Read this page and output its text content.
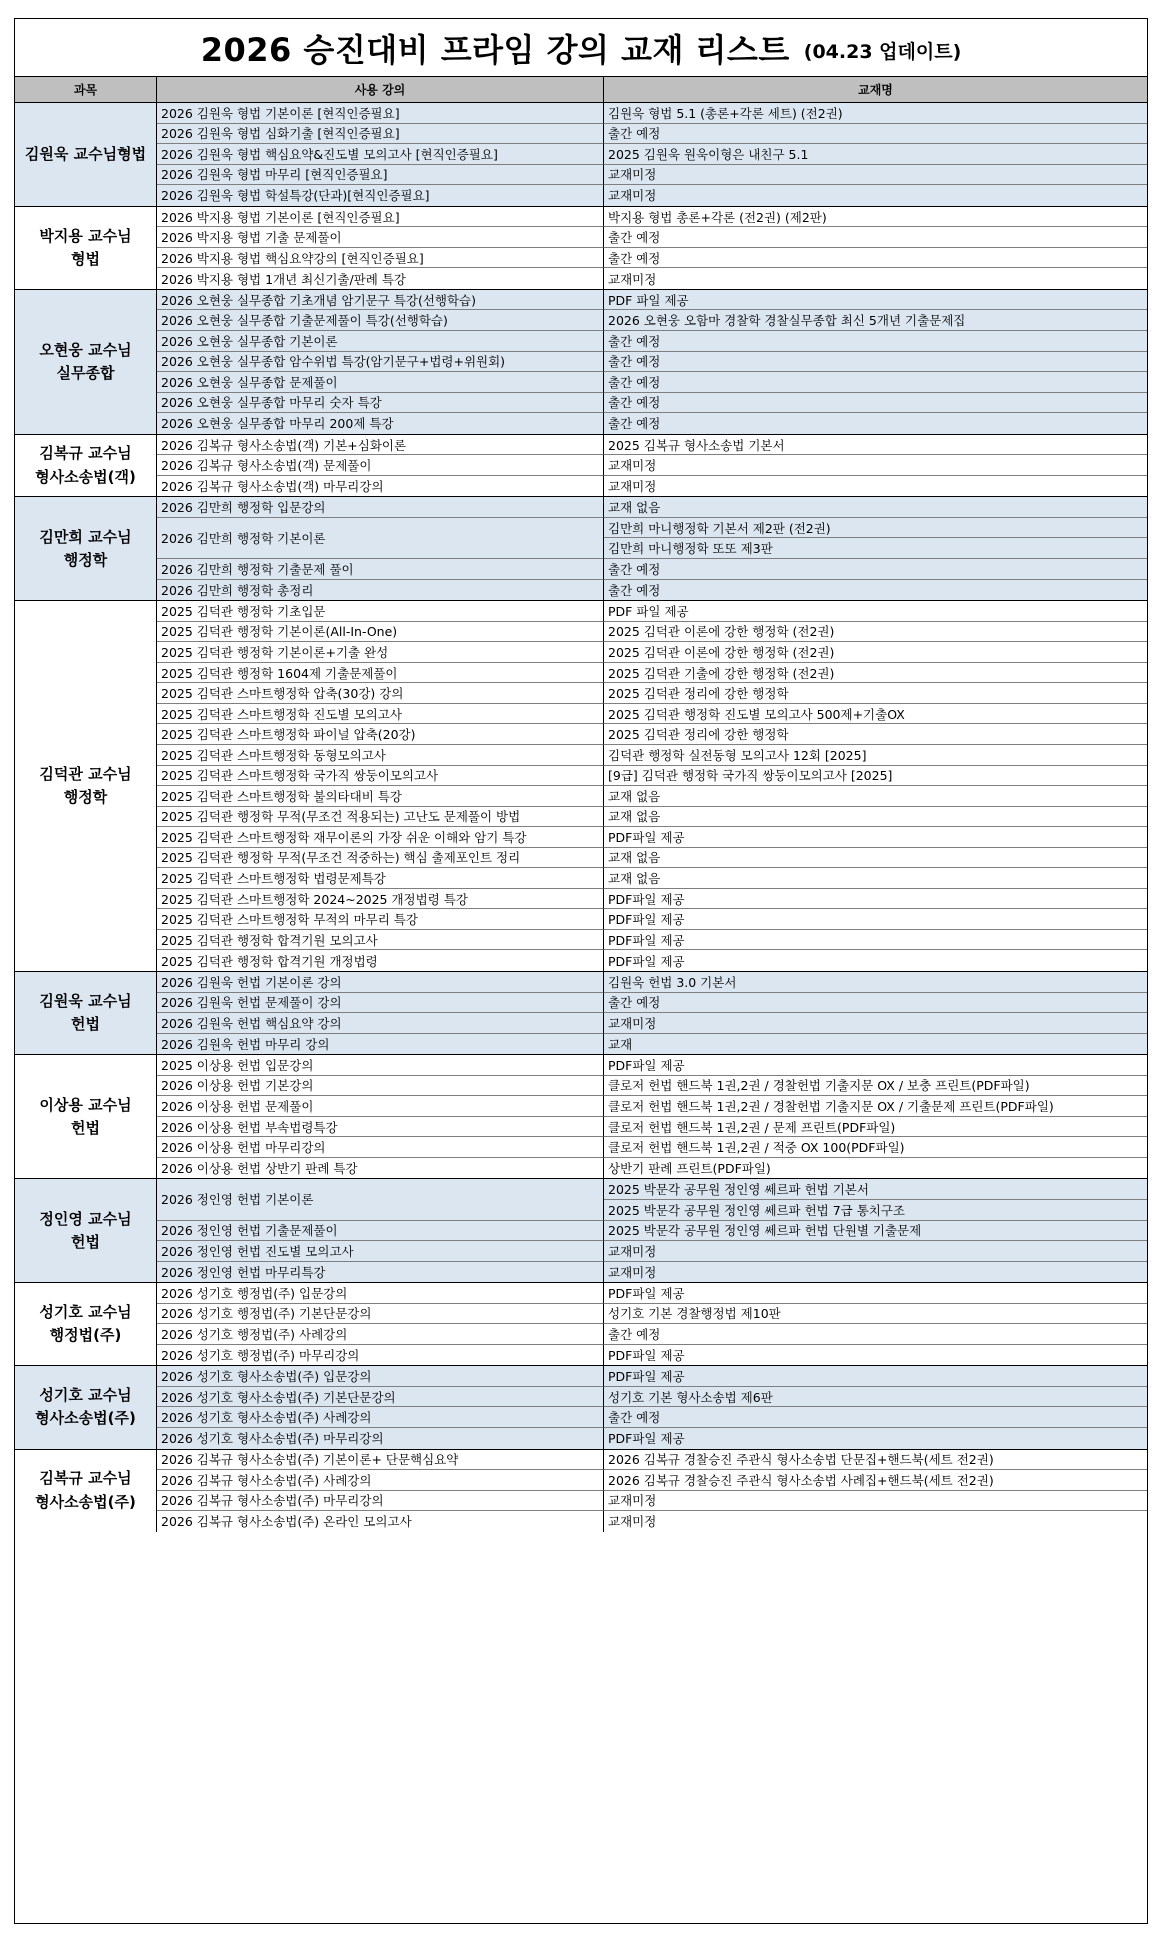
2026 승진대비 프라임 강의 교재 리스트 (04.23 업데이트)
과목	사용 강의	교재명
김원욱 교수님형법
2026 김원욱 형법 기본이론 [현직인증필요]	김원욱 형법 5.1 (총론+각론 세트) (전2권)
2026 김원욱 형법 심화기출 [현직인증필요]	출간 예정
2026 김원욱 형법 핵심요약&진도별 모의고사 [현직인증필요]	2025 김원욱 원욱이형은 내친구 5.1
2026 김원욱 형법 마무리 [현직인증필요]	교재미정
2026 김원욱 형법 학설특강(단과)[현직인증필요]	교재미정
박지용 교수님
형법
2026 박지용 형법 기본이론 [현직인증필요]	박지용 형법 총론+각론 (전2권) (제2판)
2026 박지용 형법 기출 문제풀이	출간 예정
2026 박지용 형법 핵심요약강의 [현직인증필요]	출간 예정
2026 박지용 형법 1개년 최신기출/판례 특강	교재미정
오현웅 교수님
실무종합
2026 오현웅 실무종합 기초개념 암기문구 특강(선행학습)	PDF 파일 제공
2026 오현웅 실무종합 기출문제풀이 특강(선행학습)	2026 오현웅 오함마 경찰학 경찰실무종합 최신 5개년 기출문제집
2026 오현웅 실무종합 기본이론	출간 예정
2026 오현웅 실무종합 암수위법 특강(암기문구+법령+위원회)	출간 예정
2026 오현웅 실무종합 문제풀이	출간 예정
2026 오현웅 실무종합 마무리 숫자 특강	출간 예정
2026 오현웅 실무종합 마무리 200제 특강	출간 예정
김복규 교수님
형사소송법(객)
2026 김복규 형사소송법(객) 기본+심화이론	2025 김복규 형사소송법 기본서
2026 김복규 형사소송법(객) 문제풀이	교재미정
2026 김복규 형사소송법(객) 마무리강의	교재미정
김만희 교수님
행정학
2026 김만희 행정학 입문강의	교재 없음
2026 김만희 행정학 기본이론
김만희 마니행정학 기본서 제2판 (전2권)
김만희 마니행정학 또또 제3판
2026 김만희 행정학 기출문제 풀이	출간 예정
2026 김만희 행정학 총정리	출간 예정
김덕관 교수님
행정학
2025 김덕관 행정학 기초입문	PDF 파일 제공
2025 김덕관 행정학 기본이론(All-In-One)	2025 김덕관 이론에 강한 행정학 (전2권)
2025 김덕관 행정학 기본이론+기출 완성	2025 김덕관 이론에 강한 행정학 (전2권)
2025 김덕관 행정학 1604제 기출문제풀이	2025 김덕관 기출에 강한 행정학 (전2권)
2025 김덕관 스마트행정학 압축(30강) 강의	2025 김덕관 정리에 강한 행정학
2025 김덕관 스마트행정학 진도별 모의고사	2025 김덕관 행정학 진도별 모의고사 500제+기출OX
2025 김덕관 스마트행정학 파이널 압축(20강)	2025 김덕관 정리에 강한 행정학
2025 김덕관 스마트행정학 동형모의고사	김덕관 행정학 실전동형 모의고사 12회 [2025]
2025 김덕관 스마트행정학 국가직 쌍둥이모의고사	[9급] 김덕관 행정학 국가직 쌍둥이모의고사 [2025]
2025 김덕관 스마트행정학 불의타대비 특강	교재 없음
2025 김덕관 행정학 무적(무조건 적용되는) 고난도 문제풀이 방법	교재 없음
2025 김덕관 스마트행정학 재무이론의 가장 쉬운 이해와 암기 특강	PDF파일 제공
2025 김덕관 행정학 무적(무조건 적중하는) 핵심 출제포인트 정리	교재 없음
2025 김덕관 스마트행정학 법령문제특강	교재 없음
2025 김덕관 스마트행정학 2024~2025 개정법령 특강	PDF파일 제공
2025 김덕관 스마트행정학 무적의 마무리 특강	PDF파일 제공
2025 김덕관 행정학 합격기원 모의고사	PDF파일 제공
2025 김덕관 행정학 합격기원 개정법령	PDF파일 제공
김원욱 교수님
헌법
2026 김원욱 헌법 기본이론 강의	김원욱 헌법 3.0 기본서
2026 김원욱 헌법 문제풀이 강의	출간 예정
2026 김원욱 헌법 핵심요약 강의	교재미정
2026 김원욱 헌법 마무리 강의	교재
이상용 교수님
헌법
2025 이상용 헌법 입문강의	PDF파일 제공
2026 이상용 헌법 기본강의	클로저 헌법 핸드북 1권,2권 / 경찰헌법 기출지문 OX / 보충 프린트(PDF파일)
2026 이상용 헌법 문제풀이	클로저 헌법 핸드북 1권,2권 / 경찰헌법 기출지문 OX / 기출문제 프린트(PDF파일)
2026 이상용 헌법 부속법령특강	클로저 헌법 핸드북 1권,2권 / 문제 프린트(PDF파일)
2026 이상용 헌법 마무리강의	클로저 헌법 핸드북 1권,2권 / 적중 OX 100(PDF파일)
2026 이상용 헌법 상반기 판례 특강	상반기 판례 프린트(PDF파일)
정인영 교수님
헌법
2026 정인영 헌법 기본이론
2025 박문각 공무원 정인영 쎄르파 헌법 기본서
2025 박문각 공무원 정인영 쎄르파 헌법 7급 통치구조
2026 정인영 헌법 기출문제풀이	2025 박문각 공무원 정인영 쎄르파 헌법 단원별 기출문제
2026 정인영 헌법 진도별 모의고사	교재미정
2026 정인영 헌법 마무리특강	교재미정
성기호 교수님
행정법(주)
2026 성기호 행정법(주) 입문강의	PDF파일 제공
2026 성기호 행정법(주) 기본단문강의	성기호 기본 경찰행정법 제10판
2026 성기호 행정법(주) 사례강의	출간 예정
2026 성기호 행정법(주) 마무리강의	PDF파일 제공
성기호 교수님
형사소송법(주)
2026 성기호 형사소송법(주) 입문강의	PDF파일 제공
2026 성기호 형사소송법(주) 기본단문강의	성기호 기본 형사소송법 제6판
2026 성기호 형사소송법(주) 사례강의	출간 예정
2026 성기호 형사소송법(주) 마무리강의	PDF파일 제공
김복규 교수님
형사소송법(주)
2026 김복규 형사소송법(주) 기본이론+ 단문핵심요약	2026 김복규 경찰승진 주관식 형사소송법 단문집+핸드북(세트 전2권)
2026 김복규 형사소송법(주) 사례강의	2026 김복규 경찰승진 주관식 형사소송법 사례집+핸드북(세트 전2권)
2026 김복규 형사소송법(주) 마무리강의	교재미정
2026 김복규 형사소송법(주) 온라인 모의고사	교재미정
